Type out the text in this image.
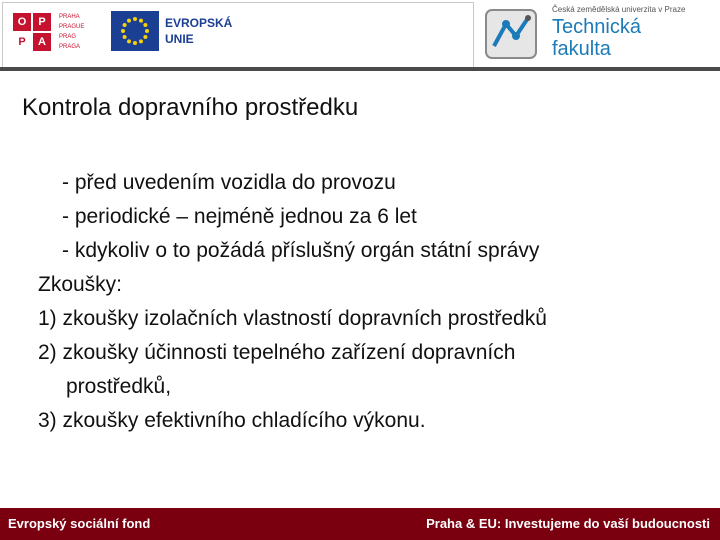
O	P
P	A
PRAHA
PRAGUE
PRAG
PRAGA
EVROPSKÁ
UNIE
Česká zemědělská univerzita v Praze
Technická
fakulta
Kontrola dopravního prostředku
- před uvedením vozidla do provozu
- periodické – nejméně jednou za 6 let
- kdykoliv o to požádá příslušný orgán státní správy
Zkoušky:
1) zkoušky izolačních vlastností dopravních prostředků
2) zkoušky účinnosti tepelného zařízení dopravních
prostředků,
3) zkoušky efektivního chladícího výkonu.
Evropský sociální fond	Praha & EU: Investujeme do vaší budoucnosti
